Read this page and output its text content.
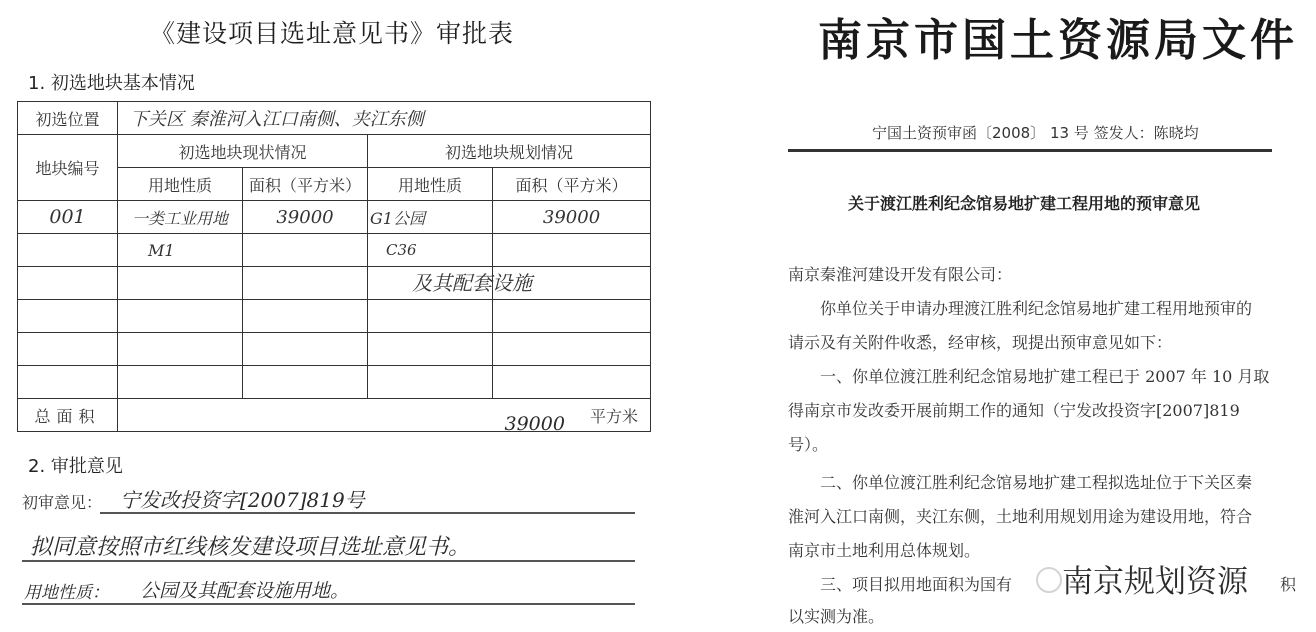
《建设项目选址意见书》审批表
1. 初选地块基本情况
初选位置	下关区 秦淮河入江口南侧、夹江东侧			
地块编号	初选地块现状情况		初选地块规划情况	
	用地性质	面积（平方米）	用地性质	面积（平方米）
001	一类工业用地	39000	G1公园	39000
	M1		C36	

			及其配套设施	

总面积	39000 平方米			
2. 审批意见
初审意见： 宁发改投资字[2007]819号
拟同意按照市红线核发建设项目选址意见书。
用地性质： 公园及其配套设施用地。
南京市国土资源局文件
宁国土资预审函〔2008〕 13 号 签发人：陈晓均
关于渡江胜利纪念馆易地扩建工程用地的预审意见
南京秦淮河建设开发有限公司：
你单位关于申请办理渡江胜利纪念馆易地扩建工程用地预审的
请示及有关附件收悉，经审核，现提出预审意见如下：
一、你单位渡江胜利纪念馆易地扩建工程已于 2007 年 10 月取
得南京市发改委开展前期工作的通知（宁发改投资字[2007]819
号）。
二、你单位渡江胜利纪念馆易地扩建工程拟选址位于下关区秦
淮河入江口南侧，夹江东侧，土地利用规划用途为建设用地，符合
南京市土地利用总体规划。
三、项目拟用地面积为国有	积
以实测为准。
南京规划资源
